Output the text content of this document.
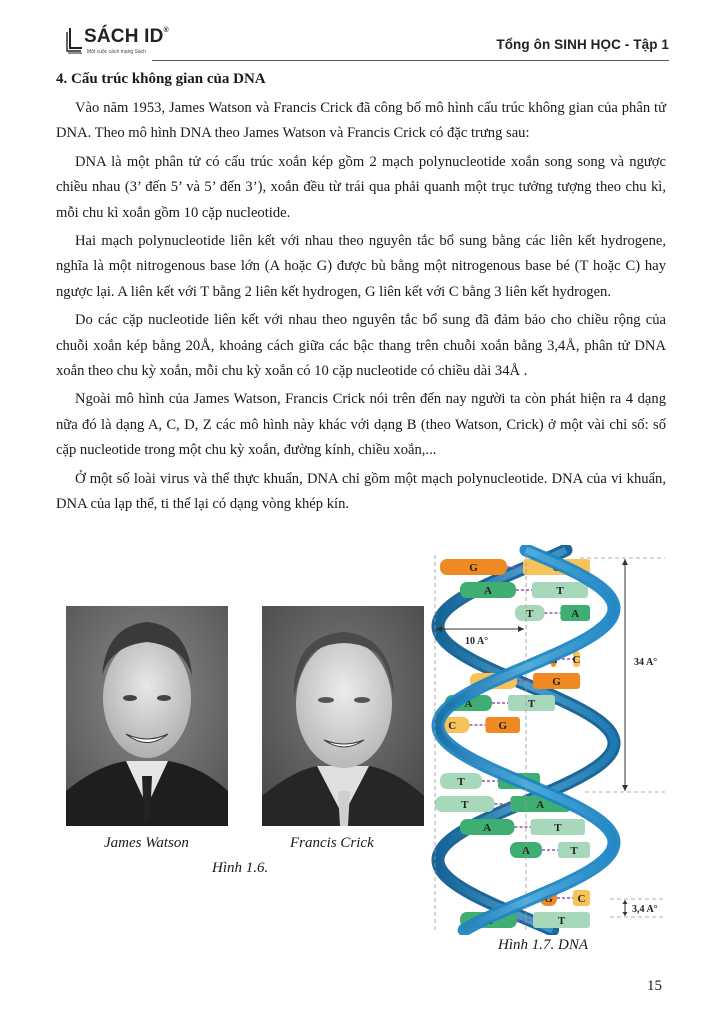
SÁCH ID®
Một cuộc cách mạng Sách	Tổng ôn SINH HỌC - Tập 1
4. Cấu trúc không gian của DNA

Vào năm 1953, James Watson và Francis Crick đã công bố mô hình cấu trúc không gian của phân tử DNA. Theo mô hình DNA theo James Watson và Francis Crick có đặc trưng sau:

DNA là một phân tử có cấu trúc xoắn kép gồm 2 mạch polynucleotide xoắn song song và ngược chiều nhau (3’ đến 5’ và 5’ đến 3’), xoắn đều từ trái qua phải quanh một trục tưởng tượng theo chu kì, mỗi chu kì xoắn gồm 10 cặp nucleotide.

Hai mạch polynucleotide liên kết với nhau theo nguyên tắc bổ sung bằng các liên kết hydrogene, nghĩa là một nitrogenous base lớn (A hoặc G) được bù bằng một nitrogenous base bé (T hoặc C) hay ngược lại. A liên kết với T bằng 2 liên kết hydrogen, G liên kết với C bằng 3 liên kết hydrogen.

Do các cặp nucleotide liên kết với nhau theo nguyên tắc bổ sung đã đảm bảo cho chiều rộng của chuỗi xoắn kép bằng 20Å, khoảng cách giữa các bậc thang trên chuỗi xoắn bằng 3,4Å, phân tử DNA xoắn theo chu kỳ xoắn, mỗi chu kỳ xoắn có 10 cặp nucleotide có chiều dài 34Å .

Ngoài mô hình của James Watson, Francis Crick nói trên đến nay người ta còn phát hiện ra 4 dạng nữa đó là dạng A, C, D, Z các mô hình này khác với dạng B (theo Watson, Crick) ở một vài chỉ số: số cặp nucleotide trong một chu kỳ xoắn, đường kính, chiều xoắn,...

Ở một số loài virus và thể thực khuẩn, DNA chỉ gồm một mạch polynucleotide. DNA của vi khuẩn, DNA của lạp thể, ti thể lại có dạng vòng khép kín.

James Watson	Francis Crick
Hình 1.6.
G	C
A	T
T	A
G C
C	G
A	T
C	G
T	A
T	A
A	T
A	T
G C
A	T
10 A°
34 A°
3,4 A°
Hình 1.7. DNA
15
